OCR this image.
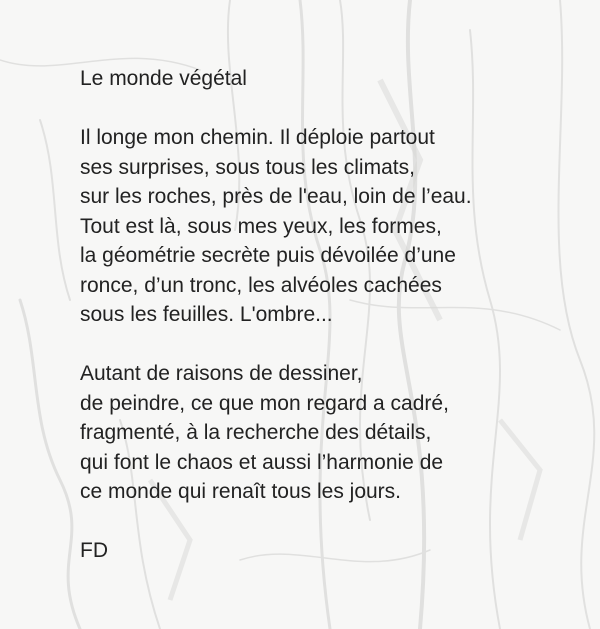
Le monde végétal
Il longe mon chemin. Il déploie partout
ses surprises, sous tous les climats,
sur les roches, près de l'eau, loin de l’eau.
Tout est là, sous mes yeux, les formes,
la géométrie secrète puis dévoilée d’une
ronce, d’un tronc, les alvéoles cachées
sous les feuilles. L'ombre...
Autant de raisons de dessiner,
de peindre, ce que mon regard a cadré,
fragmenté, à la recherche des détails,
qui font le chaos et aussi l’harmonie de
ce monde qui renaît tous les jours.
FD
